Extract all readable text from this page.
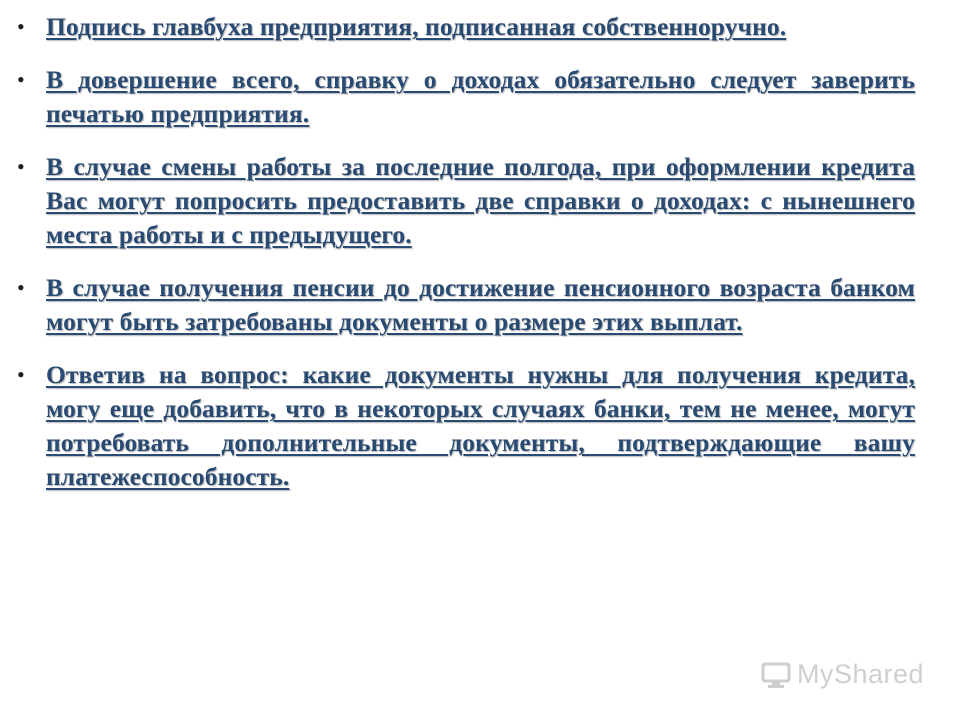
• Подпись главбуха предприятия, подписанная собственноручно.
• В довершение всего, справку о доходах обязательно следует заверить печатью предприятия.
• В случае смены работы за последние полгода, при оформлении кредита Вас могут попросить предоставить две справки о доходах: с нынешнего места работы и с предыдущего.
• В случае получения пенсии до достижение пенсионного возраста банком могут быть затребованы документы о размере этих выплат.
• Ответив на вопрос: какие документы нужны для получения кредита, могу еще добавить, что в некоторых случаях банки, тем не менее, могут потребовать дополнительные документы, подтверждающие вашу платежеспособность.
MyShared
